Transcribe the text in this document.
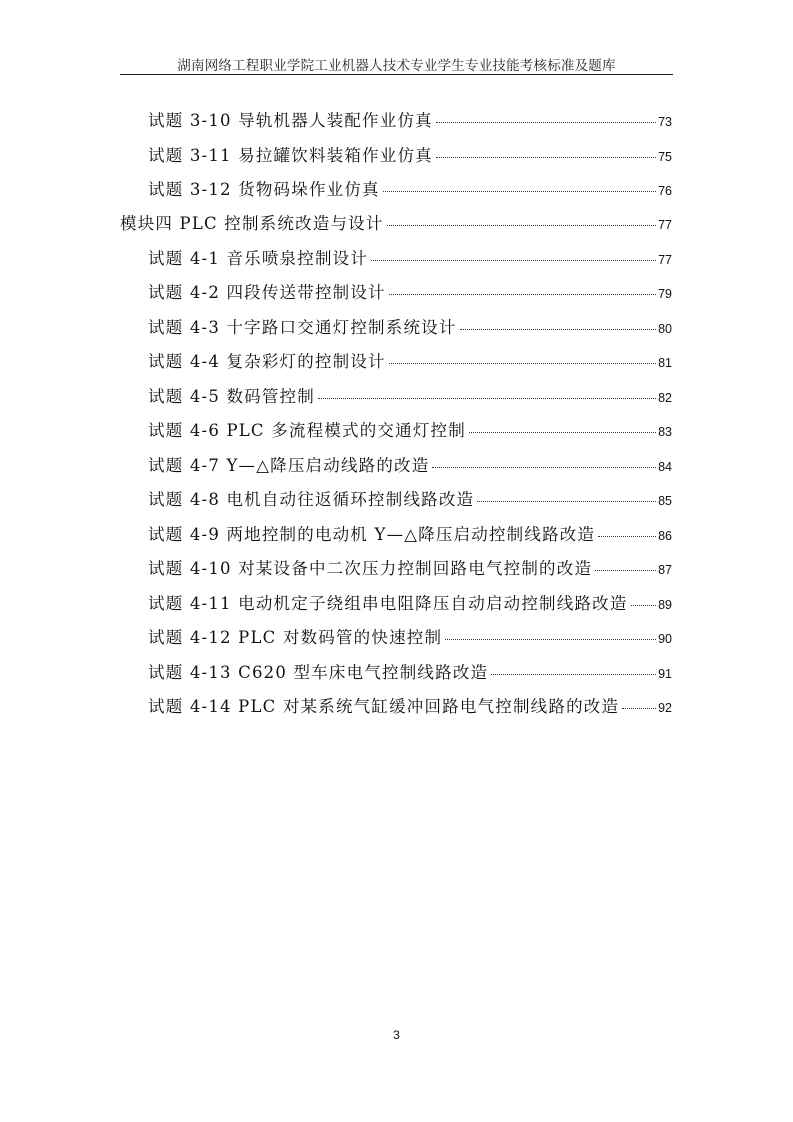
湖南网络工程职业学院工业机器人技术专业学生专业技能考核标准及题库
试题 3-10 导轨机器人装配作业仿真	73
试题 3-11 易拉罐饮料装箱作业仿真	75
试题 3-12 货物码垛作业仿真	76
模块四 PLC 控制系统改造与设计	77
试题 4-1 音乐喷泉控制设计	77
试题 4-2 四段传送带控制设计	79
试题 4-3 十字路口交通灯控制系统设计	80
试题 4-4 复杂彩灯的控制设计	81
试题 4-5 数码管控制	82
试题 4-6 PLC 多流程模式的交通灯控制	83
试题 4-7 Y—△降压启动线路的改造	84
试题 4-8 电机自动往返循环控制线路改造	85
试题 4-9 两地控制的电动机 Y—△降压启动控制线路改造	86
试题 4-10 对某设备中二次压力控制回路电气控制的改造	87
试题 4-11 电动机定子绕组串电阻降压自动启动控制线路改造 89
试题 4-12 PLC 对数码管的快速控制	90
试题 4-13 C620 型车床电气控制线路改造	91
试题 4-14 PLC 对某系统气缸缓冲回路电气控制线路的改造	92
3
